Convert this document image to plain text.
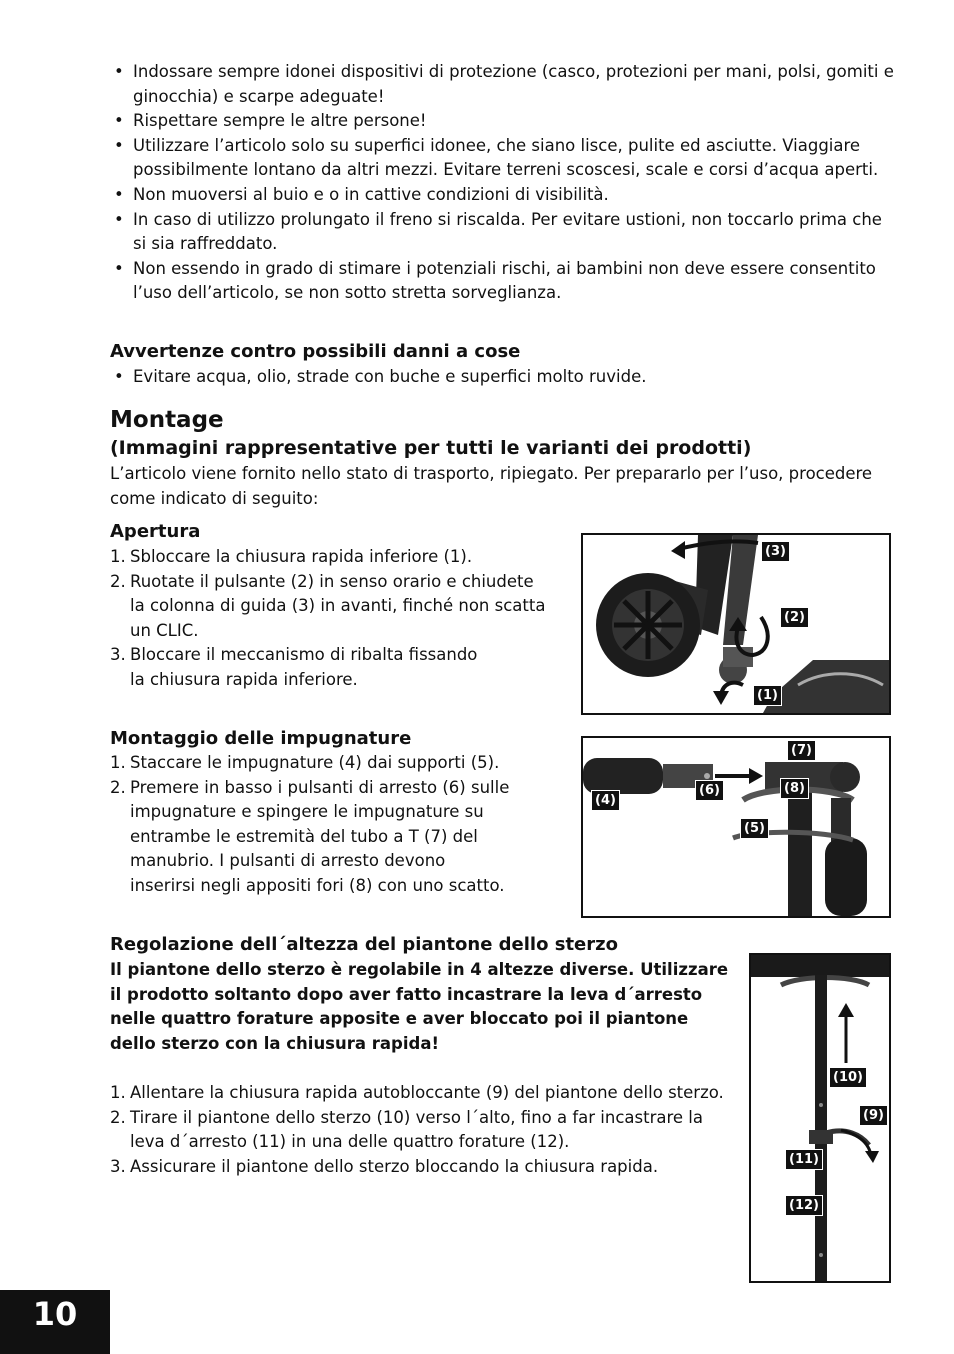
• Indossare sempre idonei dispositivi di protezione (casco, protezioni per mani, polsi, gomiti e ginocchia) e scarpe adeguate!
• Rispettare sempre le altre persone!
• Utilizzare l’articolo solo su superfici idonee, che siano lisce, pulite ed asciutte. Viaggiare possibilmente lontano da altri mezzi. Evitare terreni scoscesi, scale e corsi d’acqua aperti.
• Non muoversi al buio e o in cattive condizioni di visibilità.
• In caso di utilizzo prolungato il freno si riscalda. Per evitare ustioni, non toccarlo prima che si sia raffreddato.
• Non essendo in grado di stimare i potenziali rischi, ai bambini non deve essere consentito l’uso dell’articolo, se non sotto stretta sorveglianza.
Avvertenze contro possibili danni a cose
• Evitare acqua, olio, strade con buche e superfici molto ruvide.
Montage
(Immagini rappresentative per tutti le varianti dei prodotti)
L’articolo viene fornito nello stato di trasporto, ripiegato. Per prepararlo per l’uso, procedere come indicato di seguito:
Apertura
1. Sbloccare la chiusura rapida inferiore (1).
2. Ruotate il pulsante (2) in senso orario e chiudete la colonna di guida (3) in avanti, finché non scatta un CLIC.
3. Bloccare il meccanismo di ribalta fissando la chiusura rapida inferiore.
(3)
(2)
(1)
Montaggio delle impugnature
1. Staccare le impugnature (4) dai supporti (5).
2. Premere in basso i pulsanti di arresto (6) sulle impugnature e spingere le impugnature su entrambe le estremità del tubo a T (7) del manubrio. I pulsanti di arresto devono inserirsi negli appositi fori (8) con uno scatto.
(7)
(4)
(6)	(8)
(5)
Regolazione dell´altezza del piantone dello sterzo
Il piantone dello sterzo è regolabile in 4 altezze diverse. Utilizzare il prodotto soltanto dopo aver fatto incastrare la leva d´arresto nelle quattro forature apposite e aver bloccato poi il piantone dello sterzo con la chiusura rapida!
1. Allentare la chiusura rapida autobloccante (9) del piantone dello sterzo.
2. Tirare il piantone dello sterzo (10) verso l´alto, fino a far incastrare la leva d´arresto (11) in una delle quattro forature (12).
3. Assicurare il piantone dello sterzo bloccando la chiusura rapida.
(10)
(9)
(11)
(12)
10
